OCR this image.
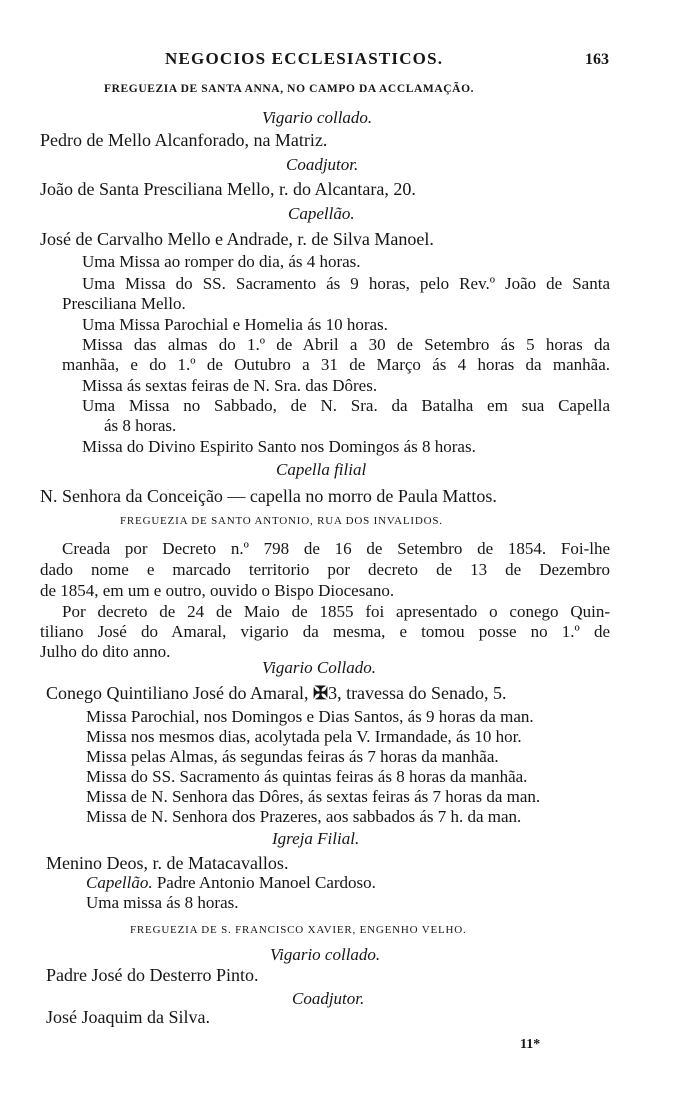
NEGOCIOS ECCLESIASTICOS.	163
FREGUEZIA DE SANTA ANNA, NO CAMPO DA ACCLAMAÇÃO.
Vigario collado.
Pedro de Mello Alcanforado, na Matriz.
Coadjutor.
João de Santa Presciliana Mello, r. do Alcantara, 20.
Capellão.
José de Carvalho Mello e Andrade, r. de Silva Manoel.
Uma Missa ao romper do dia, ás 4 horas.
Uma Missa do SS. Sacramento ás 9 horas, pelo Rev.º João de Santa
Presciliana Mello.
Uma Missa Parochial e Homelia ás 10 horas.
Missa das almas do 1.º de Abril a 30 de Setembro ás 5 horas da
manhãa, e do 1.º de Outubro a 31 de Março ás 4 horas da manhãa.
Missa ás sextas feiras de N. Sra. das Dôres.
Uma Missa no Sabbado, de N. Sra. da Batalha em sua Capella
ás 8 horas.
Missa do Divino Espirito Santo nos Domingos ás 8 horas.
Capella filial
N. Senhora da Conceição — capella no morro de Paula Mattos.
FREGUEZIA DE SANTO ANTONIO, RUA DOS INVALIDOS.
Creada por Decreto n.º 798 de 16 de Setembro de 1854. Foi-lhe
dado nome e marcado territorio por decreto de 13 de Dezembro
de 1854, em um e outro, ouvido o Bispo Diocesano.
Por decreto de 24 de Maio de 1855 foi apresentado o conego Quin-
tiliano José do Amaral, vigario da mesma, e tomou posse no 1.º de
Julho do dito anno.
Vigario Collado.
Conego Quintiliano José do Amaral, ✠3, travessa do Senado, 5.
Missa Parochial, nos Domingos e Dias Santos, ás 9 horas da man.
Missa nos mesmos dias, acolytada pela V. Irmandade, ás 10 hor.
Missa pelas Almas, ás segundas feiras ás 7 horas da manhãa.
Missa do SS. Sacramento ás quintas feiras ás 8 horas da manhãa.
Missa de N. Senhora das Dôres, ás sextas feiras ás 7 horas da man.
Missa de N. Senhora dos Prazeres, aos sabbados ás 7 h. da man.
Igreja Filial.
Menino Deos, r. de Matacavallos.
Capellão. Padre Antonio Manoel Cardoso.
Uma missa ás 8 horas.
FREGUEZIA DE S. FRANCISCO XAVIER, ENGENHO VELHO.
Vigario collado.
Padre José do Desterro Pinto.
Coadjutor.
José Joaquim da Silva.
11*
